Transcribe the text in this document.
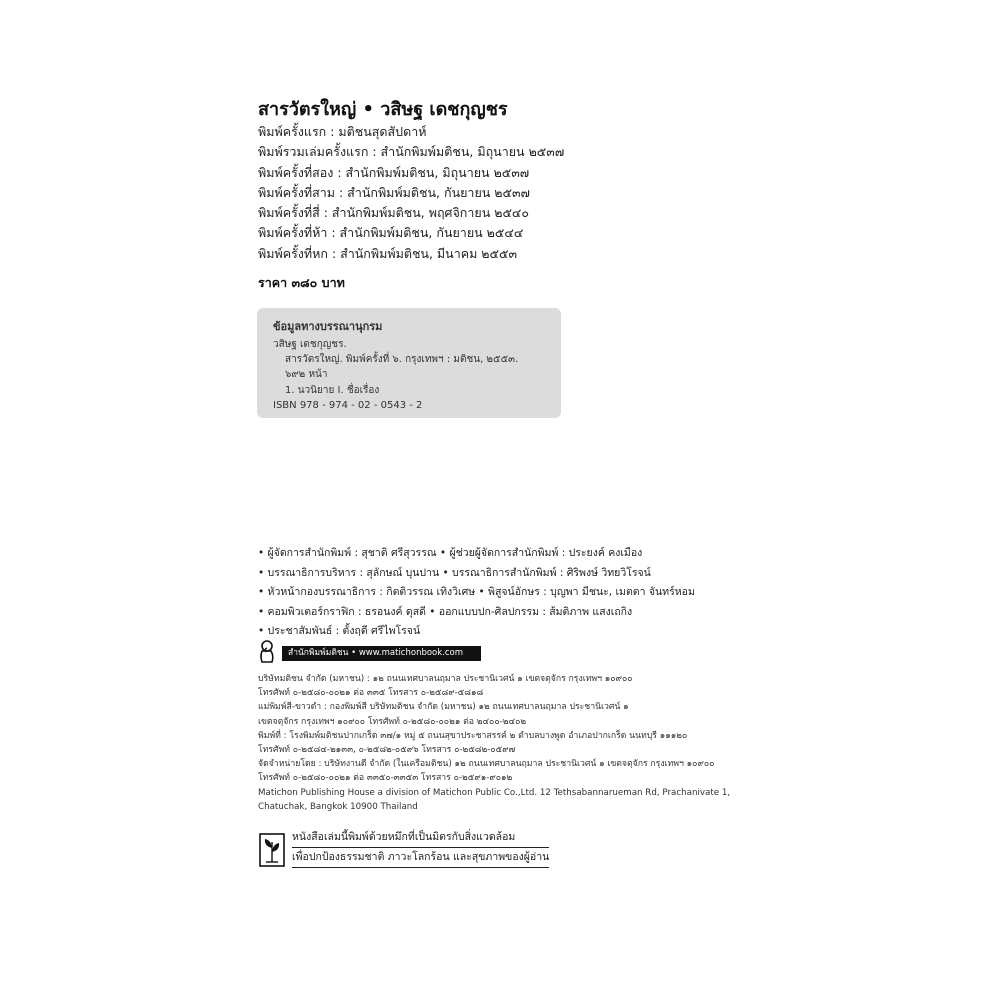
สารวัตรใหญ่ • วสิษฐ เดชกุญชร
พิมพ์ครั้งแรก : มติชนสุดสัปดาห์
พิมพ์รวมเล่มครั้งแรก : สำนักพิมพ์มติชน, มิถุนายน ๒๕๓๗
พิมพ์ครั้งที่สอง : สำนักพิมพ์มติชน, มิถุนายน ๒๕๓๗
พิมพ์ครั้งที่สาม : สำนักพิมพ์มติชน, กันยายน ๒๕๓๗
พิมพ์ครั้งที่สี่ : สำนักพิมพ์มติชน, พฤศจิกายน ๒๕๔๐
พิมพ์ครั้งที่ห้า : สำนักพิมพ์มติชน, กันยายน ๒๕๔๔
พิมพ์ครั้งที่หก : สำนักพิมพ์มติชน, มีนาคม ๒๕๕๓
ราคา ๓๘๐ บาท
ข้อมูลทางบรรณานุกรม
วสิษฐ เดชกุญชร.
สารวัตรใหญ่. พิมพ์ครั้งที่ ๖. กรุงเทพฯ : มติชน, ๒๕๕๓.
๖๙๒ หน้า
1. นวนิยาย I. ชื่อเรื่อง
ISBN 978 - 974 - 02 - 0543 - 2
• ผู้จัดการสำนักพิมพ์ : สุชาติ ศรีสุวรรณ • ผู้ช่วยผู้จัดการสำนักพิมพ์ : ประยงค์ คงเมือง
• บรรณาธิการบริหาร : สุลักษณ์ บุนปาน • บรรณาธิการสำนักพิมพ์ : ศิริพงษ์ วิทยวิโรจน์
• หัวหน้ากองบรรณาธิการ : กิตติวรรณ เทิงวิเศษ • พิสูจน์อักษร : บุญพา มีชนะ, เมตตา จันทร์หอม
• คอมพิวเตอร์กราฟิก : ธรอนงค์ ดุสดี • ออกแบบปก-ศิลปกรรม : ส้มติภาพ แสงเถกิง
• ประชาสัมพันธ์ : ตั้งฤดี ศรีไพโรจน์
สำนักพิมพ์มติชน • www.matichonbook.com
บริษัทมติชน จำกัด (มหาชน) : ๑๒ ถนนเทศบาลนฤมาล ประชานิเวศน์ ๑ เขตจตุจักร กรุงเทพฯ ๑๐๙๐๐
โทรศัพท์ ๐-๒๕๘๐-๐๐๒๑ ต่อ ๓๓๕ โทรสาร ๐-๒๕๘๙-๕๘๑๘
แม่พิมพ์สี-ขาวดำ : กองพิมพ์สี บริษัทมติชน จำกัด (มหาชน) ๑๒ ถนนเทศบาลนฤมาล ประชานิเวศน์ ๑
เขตจตุจักร กรุงเทพฯ ๑๐๙๐๐ โทรศัพท์ ๐-๒๕๘๐-๐๐๒๑ ต่อ ๒๔๐๐-๒๔๐๒
พิมพ์ที่ : โรงพิมพ์มติชนปากเกร็ด ๓๗/๑ หมู่ ๕ ถนนสุขาประชาสรรค์ ๒ ตำบลบางพูด อำเภอปากเกร็ด นนทบุรี ๑๑๑๒๐
โทรศัพท์ ๐-๒๕๘๔-๒๑๓๓, ๐-๒๕๘๒-๐๕๙๖ โทรสาร ๐-๒๕๘๒-๐๕๙๗
จัดจำหน่ายโดย : บริษัทงานดี จำกัด (ในเครือมติชน) ๑๒ ถนนเทศบาลนฤมาล ประชานิเวศน์ ๑ เขตจตุจักร กรุงเทพฯ ๑๐๙๐๐
โทรศัพท์ ๐-๒๕๘๐-๐๐๒๑ ต่อ ๓๓๕๐-๓๓๕๓ โทรสาร ๐-๒๕๙๑-๙๐๑๒
Matichon Publishing House a division of Matichon Public Co.,Ltd. 12 Tethsabannarueman Rd, Prachanivate 1,
Chatuchak, Bangkok 10900 Thailand
หนังสือเล่มนี้พิมพ์ด้วยหมึกที่เป็นมิตรกับสิ่งแวดล้อม
เพื่อปกป้องธรรมชาติ ภาวะโลกร้อน และสุขภาพของผู้อ่าน
